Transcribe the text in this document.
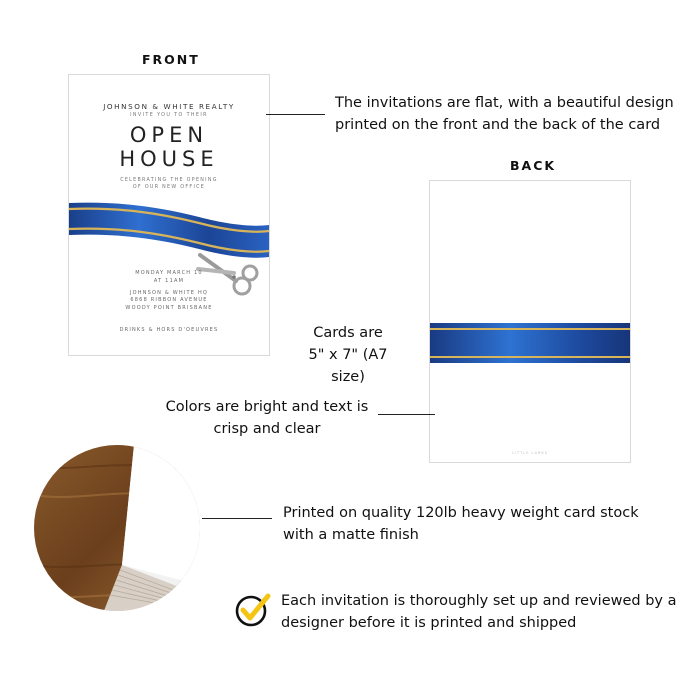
FRONT
JOHNSON & WHITE REALTY
INVITE YOU TO THEIR
OPEN
HOUSE
CELEBRATING THE OPENING
OF OUR NEW OFFICE
MONDAY MARCH 10
AT 11AM
JOHNSON & WHITE HQ
6868 RIBBON AVENUE
WOODY POINT BRISBANE
DRINKS & HORS D'OEUVRES
The invitations are flat, with a beautiful design
printed on the front and the back of the card
BACK
LITTLE LARKS
Cards are
5" x 7" (A7 size)
Colors are bright and text is
crisp and clear
Printed on quality 120lb heavy weight card stock
with a matte finish
Each invitation is thoroughly set up and reviewed by a
designer before it is printed and shipped
